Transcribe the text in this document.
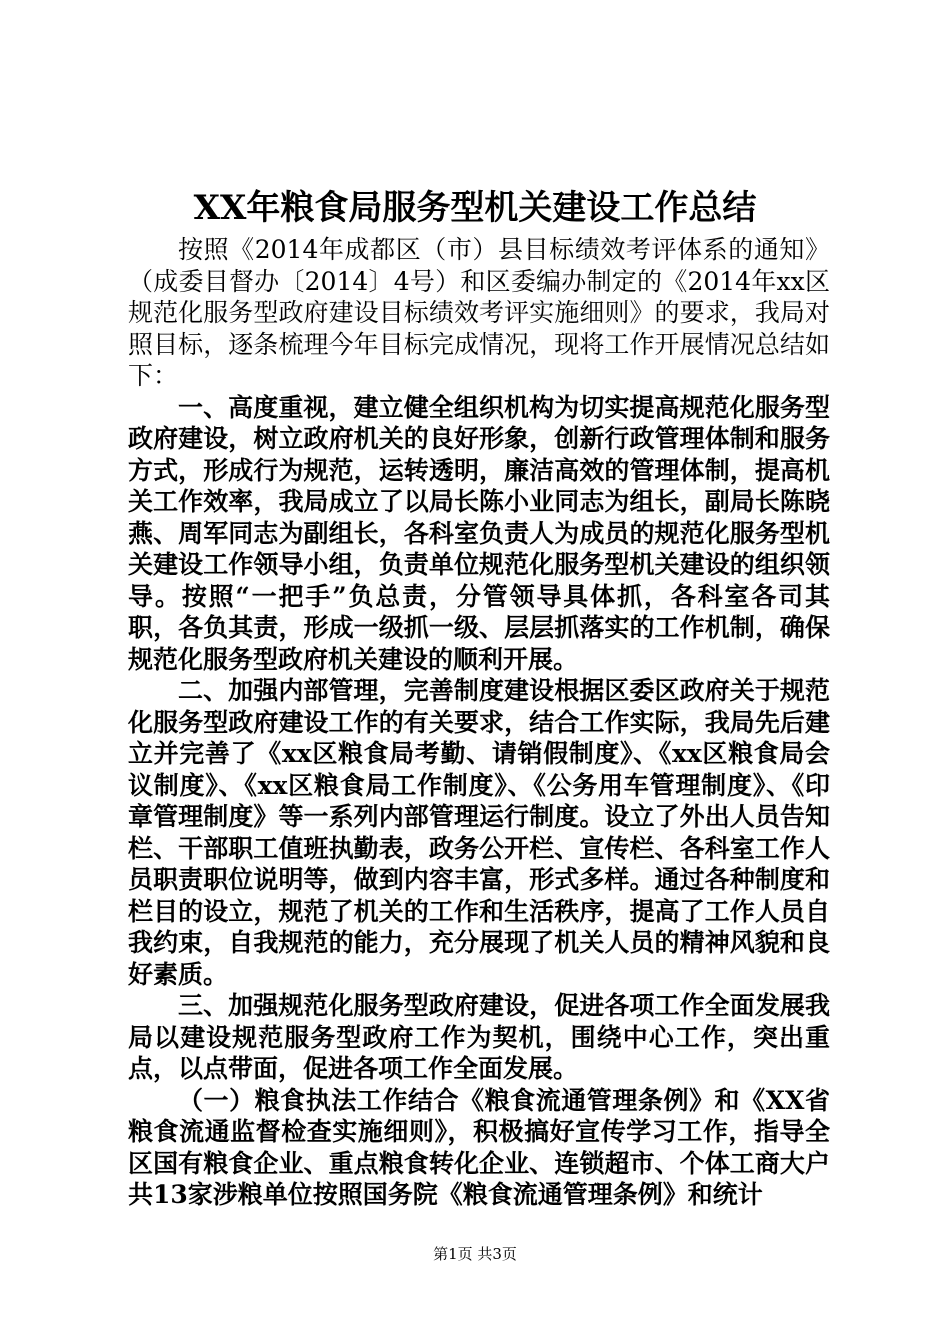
XX年粮食局服务型机关建设工作总结

按照《2014年成都区（市）县目标绩效考评体系的通知》（成委目督办〔2014〕4号）和区委编办制定的《2014年xx区规范化服务型政府建设目标绩效考评实施细则》的要求，我局对照目标，逐条梳理今年目标完成情况，现将工作开展情况总结如下：

一、高度重视，建立健全组织机构为切实提高规范化服务型政府建设，树立政府机关的良好形象，创新行政管理体制和服务方式，形成行为规范，运转透明，廉洁高效的管理体制，提高机关工作效率，我局成立了以局长陈小业同志为组长，副局长陈晓燕、周军同志为副组长，各科室负责人为成员的规范化服务型机关建设工作领导小组，负责单位规范化服务型机关建设的组织领导。按照“一把手”负总责，分管领导具体抓，各科室各司其职，各负其责，形成一级抓一级、层层抓落实的工作机制，确保规范化服务型政府机关建设的顺利开展。

二、加强内部管理，完善制度建设根据区委区政府关于规范化服务型政府建设工作的有关要求，结合工作实际，我局先后建立并完善了《xx区粮食局考勤、请销假制度》、《xx区粮食局会议制度》、《xx区粮食局工作制度》、《公务用车管理制度》、《印章管理制度》等一系列内部管理运行制度。设立了外出人员告知栏、干部职工值班执勤表，政务公开栏、宣传栏、各科室工作人员职责职位说明等，做到内容丰富，形式多样。通过各种制度和栏目的设立，规范了机关的工作和生活秩序，提高了工作人员自我约束，自我规范的能力，充分展现了机关人员的精神风貌和良好素质。

三、加强规范化服务型政府建设，促进各项工作全面发展我局以建设规范服务型政府工作为契机，围绕中心工作，突出重点，以点带面，促进各项工作全面发展。

（一）粮食执法工作结合《粮食流通管理条例》和《XX省粮食流通监督检查实施细则》，积极搞好宣传学习工作，指导全区国有粮食企业、重点粮食转化企业、连锁超市、个体工商大户共13家涉粮单位按照国务院《粮食流通管理条例》和统计

第1页 共3页
